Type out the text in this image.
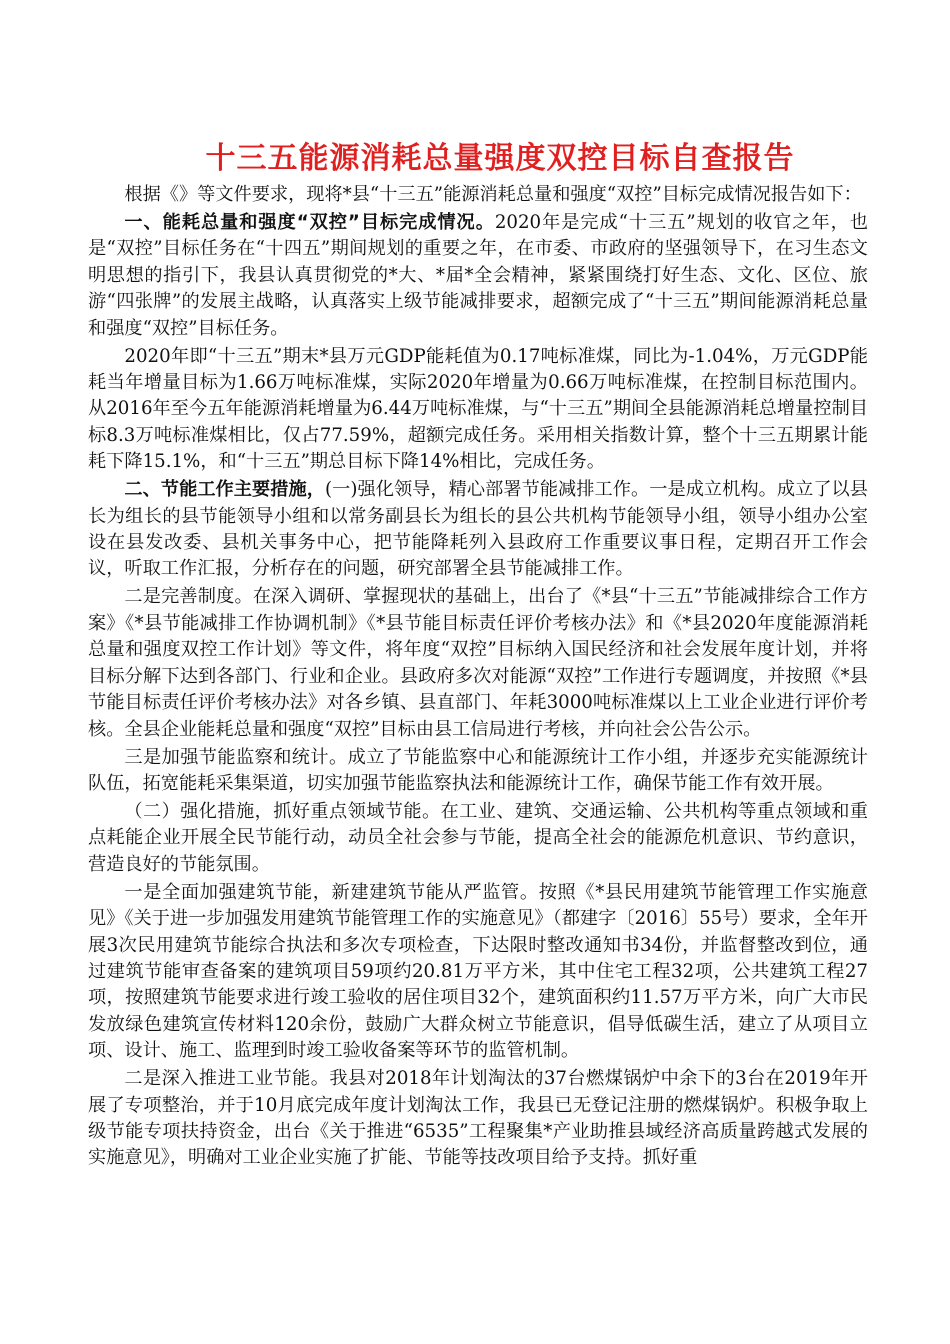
十三五能源消耗总量强度双控目标自查报告

根据《》等文件要求，现将*县“十三五”能源消耗总量和强度“双控”目标完成情况报告如下：

一、能耗总量和强度“双控”目标完成情况。2020年是完成“十三五”规划的收官之年，也是“双控”目标任务在“十四五”期间规划的重要之年，在市委、市政府的坚强领导下，在习生态文明思想的指引下，我县认真贯彻党的*大、*届*全会精神，紧紧围绕打好生态、文化、区位、旅游“四张牌”的发展主战略，认真落实上级节能减排要求，超额完成了“十三五”期间能源消耗总量和强度“双控”目标任务。

2020年即“十三五”期末*县万元GDP能耗值为0.17吨标准煤，同比为-1.04%，万元GDP能耗当年增量目标为1.66万吨标准煤，实际2020年增量为0.66万吨标准煤，在控制目标范围内。从2016年至今五年能源消耗增量为6.44万吨标准煤，与“十三五”期间全县能源消耗总增量控制目标8.3万吨标准煤相比，仅占77.59%，超额完成任务。采用相关指数计算，整个十三五期累计能耗下降15.1%，和“十三五”期总目标下降14%相比，完成任务。

二、节能工作主要措施，(一)强化领导，精心部署节能减排工作。一是成立机构。成立了以县长为组长的县节能领导小组和以常务副县长为组长的县公共机构节能领导小组，领导小组办公室设在县发改委、县机关事务中心，把节能降耗列入县政府工作重要议事日程，定期召开工作会议，听取工作汇报，分析存在的问题，研究部署全县节能减排工作。

二是完善制度。在深入调研、掌握现状的基础上，出台了《*县“十三五”节能减排综合工作方案》《*县节能减排工作协调机制》《*县节能目标责任评价考核办法》和《*县2020年度能源消耗总量和强度双控工作计划》等文件，将年度“双控”目标纳入国民经济和社会发展年度计划，并将目标分解下达到各部门、行业和企业。县政府多次对能源“双控”工作进行专题调度，并按照《*县节能目标责任评价考核办法》对各乡镇、县直部门、年耗3000吨标准煤以上工业企业进行评价考核。全县企业能耗总量和强度“双控”目标由县工信局进行考核，并向社会公告公示。

三是加强节能监察和统计。成立了节能监察中心和能源统计工作小组，并逐步充实能源统计队伍，拓宽能耗采集渠道，切实加强节能监察执法和能源统计工作，确保节能工作有效开展。

（二）强化措施，抓好重点领域节能。在工业、建筑、交通运输、公共机构等重点领域和重点耗能企业开展全民节能行动，动员全社会参与节能，提高全社会的能源危机意识、节约意识，营造良好的节能氛围。

一是全面加强建筑节能，新建建筑节能从严监管。按照《*县民用建筑节能管理工作实施意见》《关于进一步加强发用建筑节能管理工作的实施意见》（都建字〔2016〕55号）要求，全年开展3次民用建筑节能综合执法和多次专项检查，下达限时整改通知书34份，并监督整改到位，通过建筑节能审查备案的建筑项目59项约20.81万平方米，其中住宅工程32项，公共建筑工程27项，按照建筑节能要求进行竣工验收的居住项目32个，建筑面积约11.57万平方米，向广大市民发放绿色建筑宣传材料120余份，鼓励广大群众树立节能意识，倡导低碳生活，建立了从项目立项、设计、施工、监理到时竣工验收备案等环节的监管机制。

二是深入推进工业节能。我县对2018年计划淘汰的37台燃煤锅炉中余下的3台在2019年开展了专项整治，并于10月底完成年度计划淘汰工作，我县已无登记注册的燃煤锅炉。积极争取上级节能专项扶持资金，出台《关于推进“6535”工程聚集*产业助推县域经济高质量跨越式发展的实施意见》，明确对工业企业实施了扩能、节能等技改项目给予支持。抓好重
